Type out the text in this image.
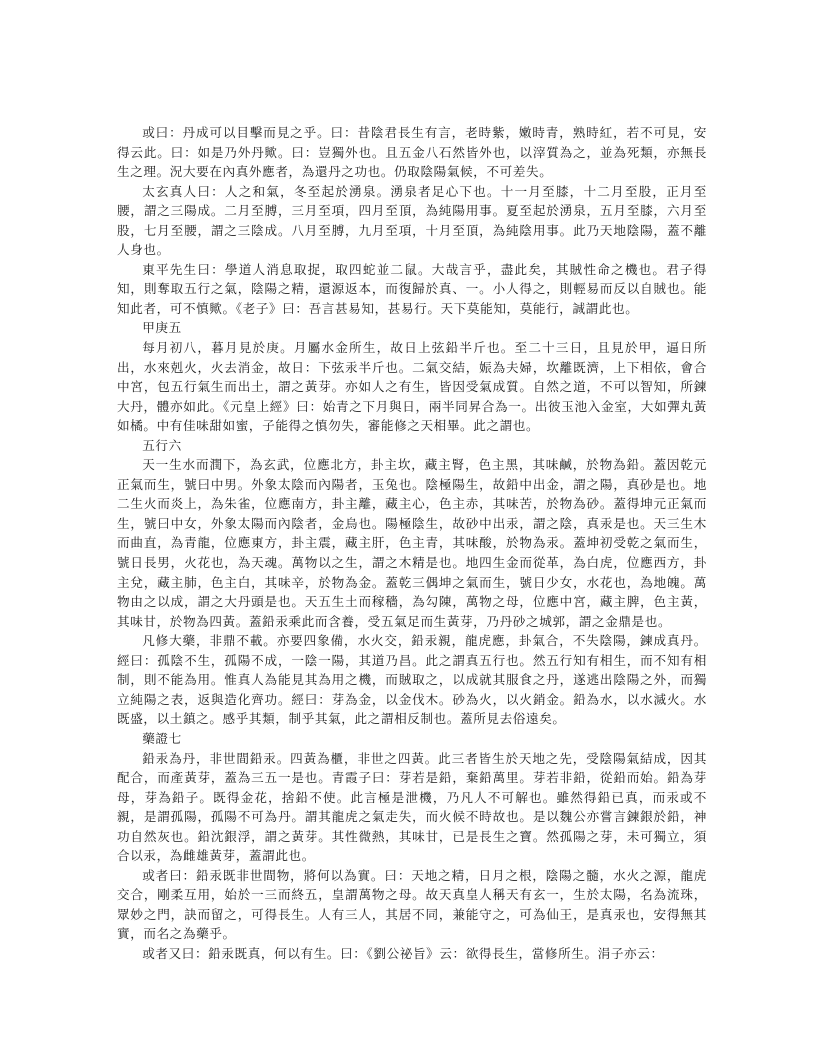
或曰：丹成可以目擊而見之乎。曰：昔陰君長生有言，老時紫，嫩時青，熟時紅，若不可見，安得云此。曰：如是乃外丹歟。曰：豈獨外也。且五金八石然皆外也，以滓質為之，並為死類，亦無長生之理。況大要在內真外應者，為還丹之功也。仍取陰陽氣候，不可差失。

太玄真人曰：人之和氣，冬至起於湧泉。湧泉者足心下也。十一月至膝，十二月至股，正月至腰，謂之三陽成。二月至膊，三月至項，四月至頂，為純陽用事。夏至起於湧泉，五月至膝，六月至股，七月至腰，謂之三陰成。八月至膊，九月至項，十月至頂，為純陰用事。此乃天地陰陽，蓋不離人身也。

東平先生曰：學道人消息取捉，取四蛇並二鼠。大哉言乎，盡此矣，其賊性命之機也。君子得知，則奪取五行之氣，陰陽之精，還源返本，而復歸於真、一。小人得之，則輕易而反以自賊也。能知此者，可不慎歟。《老子》曰：吾言甚易知，甚易行。天下莫能知，莫能行，誠謂此也。

甲庚五

每月初八，暮月見於庚。月屬水金所生，故日上弦鉛半斤也。至二十三日，且見於甲，逼日所出，水來剋火，火去消金，故日：下弦汞半斤也。二氣交結，娠為夫婦，坎離既濟，上下相依，會合中宮，包五行氣生而出土，謂之黃芽。亦如人之有生，皆因受氣成質。自然之道，不可以智知，所鍊大丹，體亦如此。《元皇上經》曰：始青之下月與日，兩半同昇合為一。出彼玉池入金室，大如彈丸黃如橘。中有佳味甜如蜜，子能得之慎勿失，審能修之天相畢。此之謂也。

五行六

天一生水而潤下，為玄武，位應北方，卦主坎，藏主腎，色主黑，其味鹹，於物為鉛。蓋因乾元正氣而生，號曰中男。外象太陰而內陽者，玉兔也。陰極陽生，故鉛中出金，謂之陽，真砂是也。地二生火而炎上，為朱雀，位應南方，卦主離，藏主心，色主赤，其味苦，於物為砂。蓋得坤元正氣而生，號曰中女，外象太陽而內陰者，金烏也。陽極陰生，故砂中出汞，謂之陰，真汞是也。天三生木而曲直，為青龍，位應東方，卦主震，藏主肝，色主青，其味酸，於物為汞。蓋坤初受乾之氣而生，號日長男，火花也，為天魂。萬物以之生，謂之木精是也。地四生金而從革，為白虎，位應西方，卦主兌，藏主肺，色主白，其味辛，於物為金。蓋乾三偶坤之氣而生，號日少女，水花也，為地魄。萬物由之以成，謂之大丹頭是也。天五生土而稼穡，為勾陳，萬物之母，位應中宮，藏主脾，色主黃，其味甘，於物為四黃。蓋鉛汞乘此而含養，受五氣足而生黃芽，乃丹砂之城郭，謂之金鼎是也。

凡修大藥，非鼎不載。亦要四象備，水火交，鉛汞親，龍虎應，卦氣合，不失陰陽，鍊成真丹。經曰：孤陰不生，孤陽不成，一陰一陽，其道乃昌。此之謂真五行也。然五行知有相生，而不知有相制，則不能為用。惟真人為能見其為用之機，而賊取之，以成就其服食之丹，遂逃出陰陽之外，而獨立純陽之表，返與造化齊功。經曰：芽為金，以金伐木。砂為火，以火銷金。鉛為水，以水滅火。水既盛，以土鎮之。感乎其類，制乎其氣，此之謂相反制也。蓋所見去俗遠矣。

藥證七

鉛汞為丹，非世間鉛汞。四黃為櫃，非世之四黃。此三者皆生於天地之先，受陰陽氣結成，因其配合，而產黃芽，蓋為三五一是也。青霞子曰：芽若是鉛，棄鉛萬里。芽若非鉛，從鉛而始。鉛為芽母，芽為鉛子。既得金花，捨鉛不使。此言極是泄機，乃凡人不可解也。雖然得鉛已真，而汞或不親，是謂孤陽，孤陽不可為丹。謂其龍虎之氣走失，而火候不時故也。是以魏公亦嘗言鍊銀於鉛，神功自然灰也。鉛沈銀浮，謂之黃芽。其性微熱，其味甘，已是長生之寶。然孤陽之芽，未可獨立，須合以汞，為雌雄黃芽，蓋謂此也。

或者曰：鉛汞既非世間物，將何以為實。曰：天地之精，日月之根，陰陽之髓，水火之源，龍虎交合，剛柔互用，始於一三而終五，皇謂萬物之母。故天真皇人稱天有玄一，生於太陽，名為流珠，眾妙之門，訣而留之，可得長生。人有三人，其居不同，兼能守之，可為仙王，是真汞也，安得無其實，而名之為藥乎。

或者又曰：鉛汞既真，何以有生。曰：《劉公祕旨》云：欲得長生，當修所生。涓子亦云：
